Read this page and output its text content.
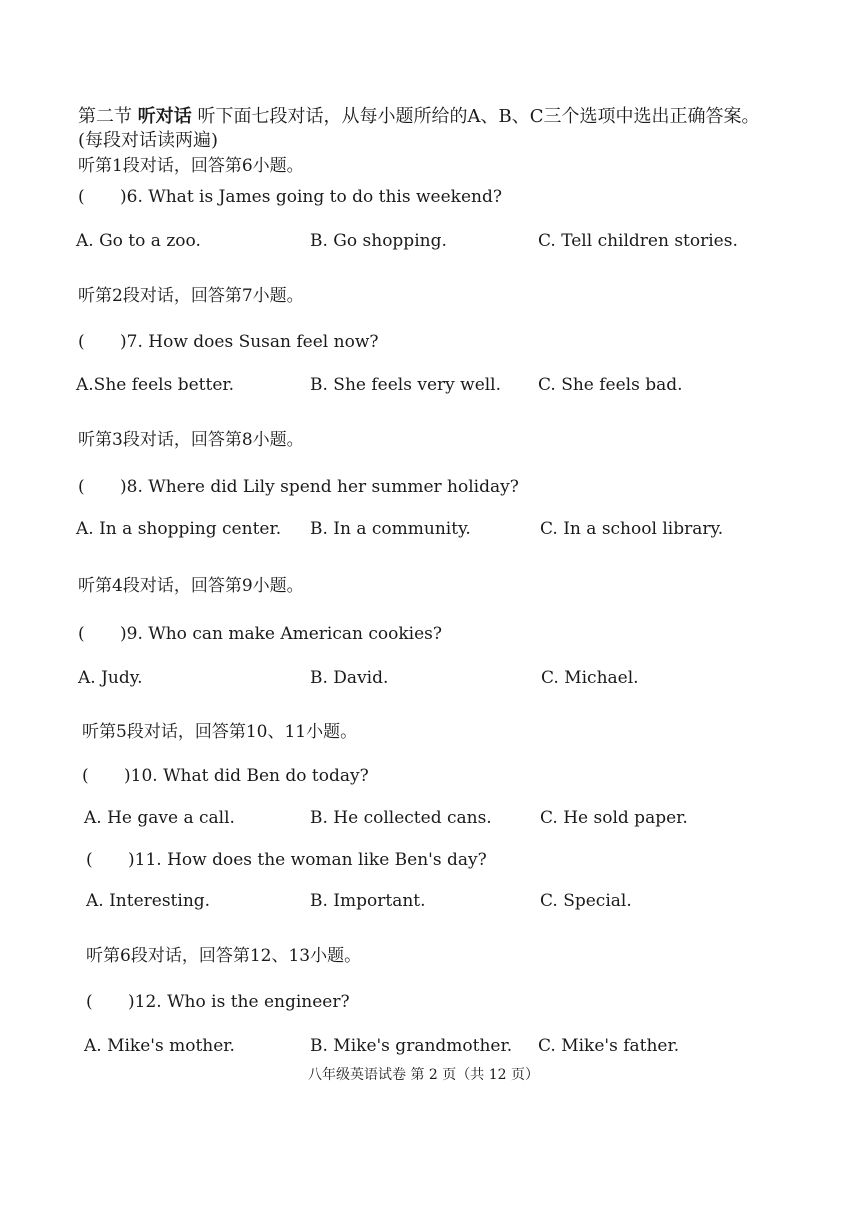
第二节 听对话 听下面七段对话，从每小题所给的A、B、C三个选项中选出正确答案。(每段对话读两遍)
听第1段对话，回答第6小题。
( )6. What is James going to do this weekend?
A. Go to a zoo.	B. Go shopping.	C. Tell children stories.
听第2段对话，回答第7小题。
( )7. How does Susan feel now?
A.She feels better.	B. She feels very well. C. She feels bad.
听第3段对话，回答第8小题。
( )8. Where did Lily spend her summer holiday?
A. In a shopping center. B. In a community.	C. In a school library.
听第4段对话，回答第9小题。
( )9. Who can make American cookies?
A. Judy.	B. David.	C. Michael.
听第5段对话，回答第10、11小题。
( )10. What did Ben do today?
A. He gave a call.	B. He collected cans.	C. He sold paper.
( )11. How does the woman like Ben's day?
A. Interesting.	B. Important.	C. Special.
听第6段对话，回答第12、13小题。
( )12. Who is the engineer?
A. Mike's mother.	B. Mike's grandmother. C. Mike's father.
八年级英语试卷 第 2 页（共 12 页）
